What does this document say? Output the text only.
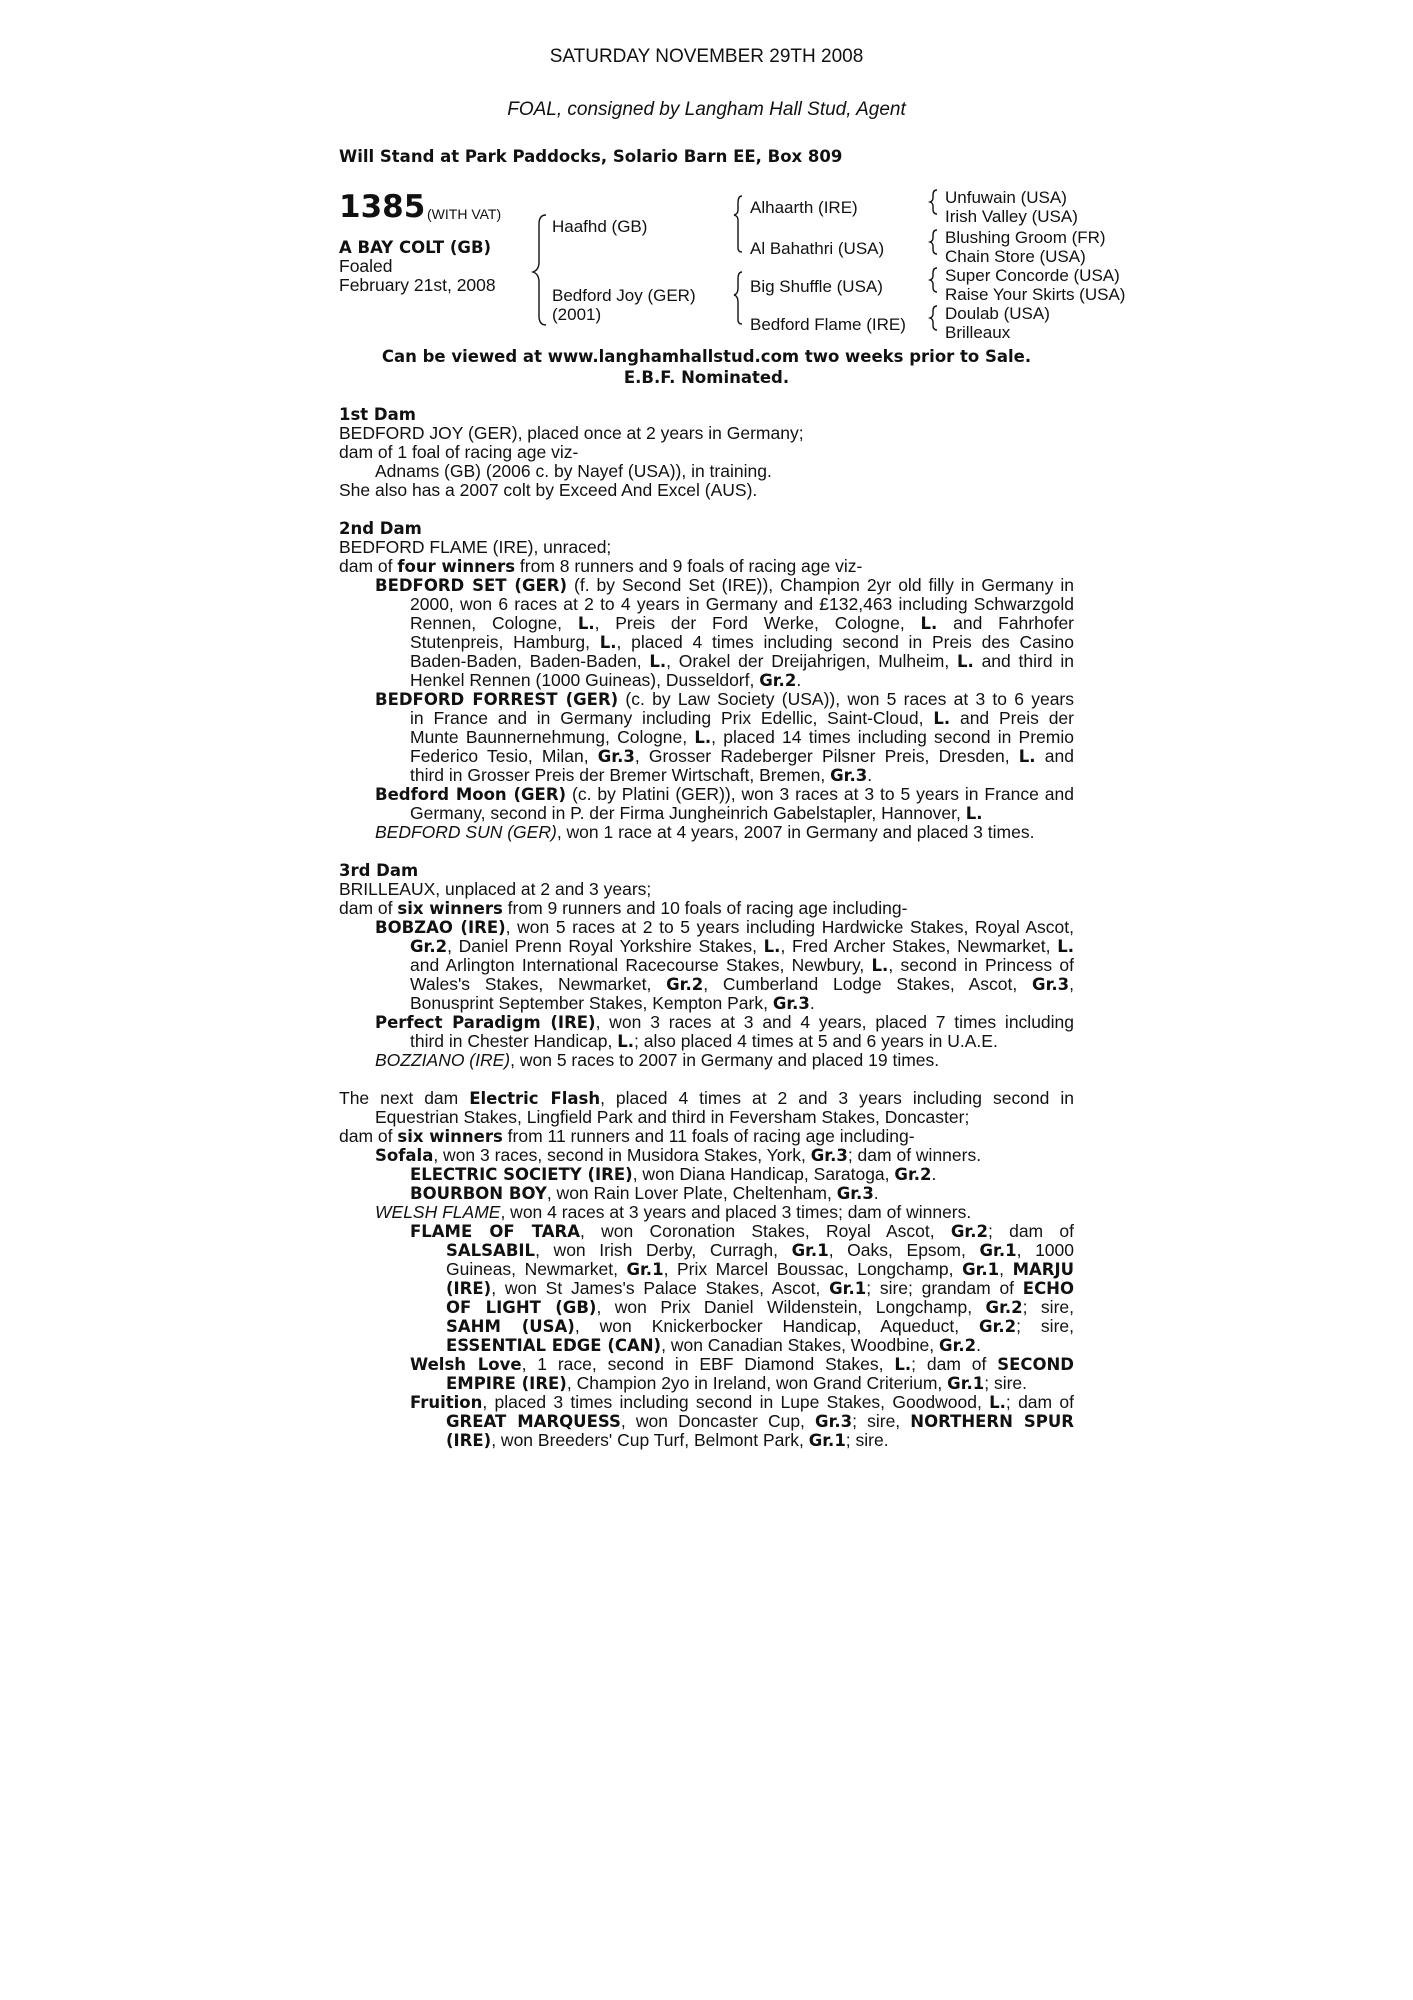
SATURDAY NOVEMBER 29TH 2008
FOAL, consigned by Langham Hall Stud, Agent
Will Stand at Park Paddocks, Solario Barn EE, Box 809
1385 (WITH VAT)
A BAY COLT (GB)
Foaled
February 21st, 2008
Haafhd (GB)
Bedford Joy (GER)
(2001)
Alhaarth (IRE)
Al Bahathri (USA)
Big Shuffle (USA)
Bedford Flame (IRE)
Unfuwain (USA)
Irish Valley (USA)
Blushing Groom (FR)
Chain Store (USA)
Super Concorde (USA)
Raise Your Skirts (USA)
Doulab (USA)
Brilleaux
Can be viewed at www.langhamhallstud.com two weeks prior to Sale.
E.B.F. Nominated.
1st Dam
BEDFORD JOY (GER), placed once at 2 years in Germany;
dam of 1 foal of racing age viz-
Adnams (GB) (2006 c. by Nayef (USA)), in training.
She also has a 2007 colt by Exceed And Excel (AUS).
2nd Dam
BEDFORD FLAME (IRE), unraced;
dam of four winners from 8 runners and 9 foals of racing age viz-
BEDFORD SET (GER) (f. by Second Set (IRE)), Champion 2yr old filly in Germany in
2000, won 6 races at 2 to 4 years in Germany and £132,463 including Schwarzgold
Rennen, Cologne, L., Preis der Ford Werke, Cologne, L. and Fahrhofer
Stutenpreis, Hamburg, L., placed 4 times including second in Preis des Casino
Baden-Baden, Baden-Baden, L., Orakel der Dreijahrigen, Mulheim, L. and third in
Henkel Rennen (1000 Guineas), Dusseldorf, Gr.2.
BEDFORD FORREST (GER) (c. by Law Society (USA)), won 5 races at 3 to 6 years
in France and in Germany including Prix Edellic, Saint-Cloud, L. and Preis der
Munte Baunnernehmung, Cologne, L., placed 14 times including second in Premio
Federico Tesio, Milan, Gr.3, Grosser Radeberger Pilsner Preis, Dresden, L. and
third in Grosser Preis der Bremer Wirtschaft, Bremen, Gr.3.
Bedford Moon (GER) (c. by Platini (GER)), won 3 races at 3 to 5 years in France and
Germany, second in P. der Firma Jungheinrich Gabelstapler, Hannover, L.
BEDFORD SUN (GER), won 1 race at 4 years, 2007 in Germany and placed 3 times.
3rd Dam
BRILLEAUX, unplaced at 2 and 3 years;
dam of six winners from 9 runners and 10 foals of racing age including-
BOBZAO (IRE), won 5 races at 2 to 5 years including Hardwicke Stakes, Royal Ascot,
Gr.2, Daniel Prenn Royal Yorkshire Stakes, L., Fred Archer Stakes, Newmarket, L.
and Arlington International Racecourse Stakes, Newbury, L., second in Princess of
Wales's Stakes, Newmarket, Gr.2, Cumberland Lodge Stakes, Ascot, Gr.3,
Bonusprint September Stakes, Kempton Park, Gr.3.
Perfect Paradigm (IRE), won 3 races at 3 and 4 years, placed 7 times including
third in Chester Handicap, L.; also placed 4 times at 5 and 6 years in U.A.E.
BOZZIANO (IRE), won 5 races to 2007 in Germany and placed 19 times.
The next dam Electric Flash, placed 4 times at 2 and 3 years including second in
Equestrian Stakes, Lingfield Park and third in Feversham Stakes, Doncaster;
dam of six winners from 11 runners and 11 foals of racing age including-
Sofala, won 3 races, second in Musidora Stakes, York, Gr.3; dam of winners.
ELECTRIC SOCIETY (IRE), won Diana Handicap, Saratoga, Gr.2.
BOURBON BOY, won Rain Lover Plate, Cheltenham, Gr.3.
WELSH FLAME, won 4 races at 3 years and placed 3 times; dam of winners.
FLAME OF TARA, won Coronation Stakes, Royal Ascot, Gr.2; dam of
SALSABIL, won Irish Derby, Curragh, Gr.1, Oaks, Epsom, Gr.1, 1000
Guineas, Newmarket, Gr.1, Prix Marcel Boussac, Longchamp, Gr.1, MARJU
(IRE), won St James's Palace Stakes, Ascot, Gr.1; sire; grandam of ECHO
OF LIGHT (GB), won Prix Daniel Wildenstein, Longchamp, Gr.2; sire,
SAHM (USA), won Knickerbocker Handicap, Aqueduct, Gr.2; sire,
ESSENTIAL EDGE (CAN), won Canadian Stakes, Woodbine, Gr.2.
Welsh Love, 1 race, second in EBF Diamond Stakes, L.; dam of SECOND
EMPIRE (IRE), Champion 2yo in Ireland, won Grand Criterium, Gr.1; sire.
Fruition, placed 3 times including second in Lupe Stakes, Goodwood, L.; dam of
GREAT MARQUESS, won Doncaster Cup, Gr.3; sire, NORTHERN SPUR
(IRE), won Breeders' Cup Turf, Belmont Park, Gr.1; sire.
